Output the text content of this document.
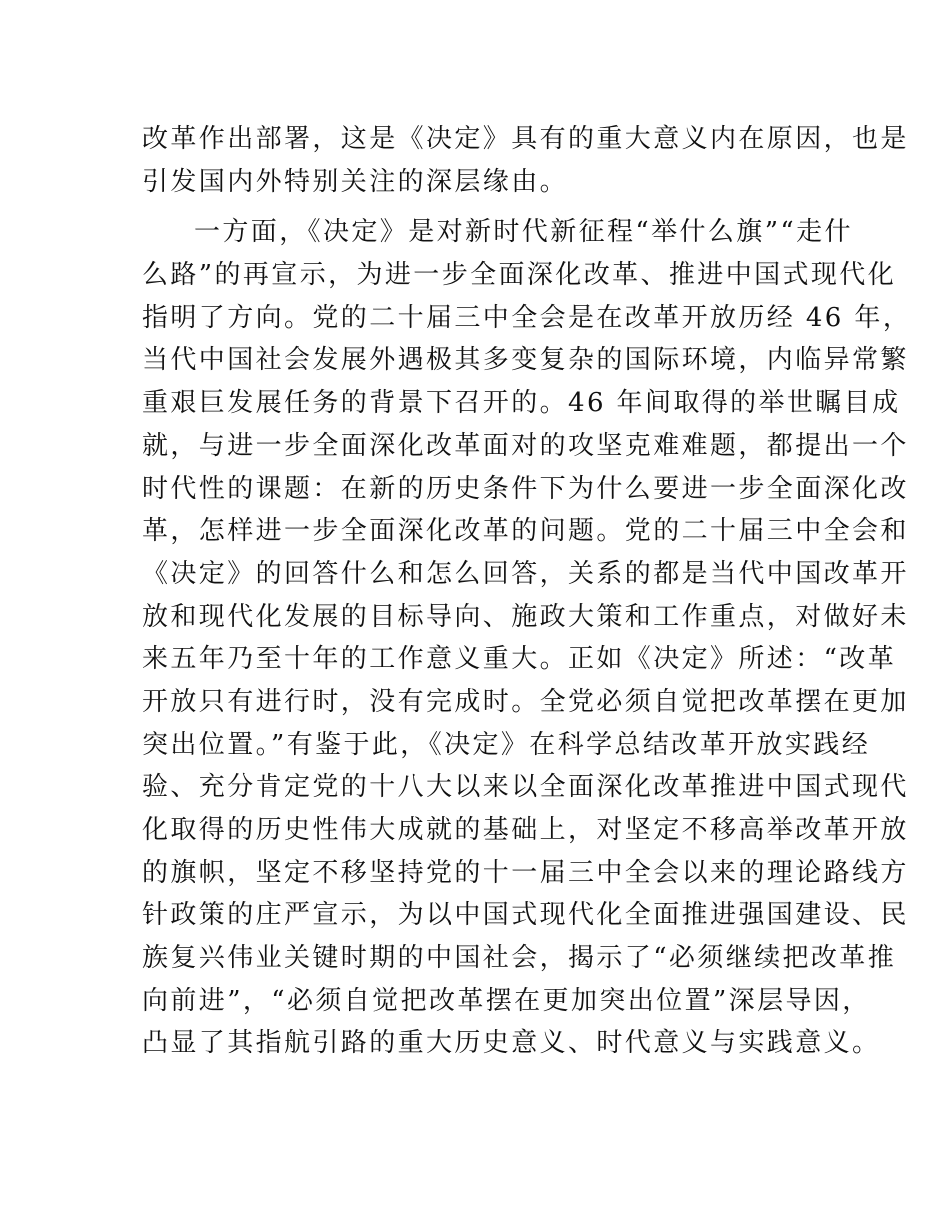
改革作出部署，这是《决定》具有的重大意义内在原因，也是
引发国内外特别关注的深层缘由。
一方面，《决定》是对新时代新征程“举什么旗”“走什
么路”的再宣示，为进一步全面深化改革、推进中国式现代化
指明了方向。党的二十届三中全会是在改革开放历经 46 年，
当代中国社会发展外遇极其多变复杂的国际环境，内临异常繁
重艰巨发展任务的背景下召开的。46 年间取得的举世瞩目成
就，与进一步全面深化改革面对的攻坚克难难题，都提出一个
时代性的课题：在新的历史条件下为什么要进一步全面深化改
革，怎样进一步全面深化改革的问题。党的二十届三中全会和
《决定》的回答什么和怎么回答，关系的都是当代中国改革开
放和现代化发展的目标导向、施政大策和工作重点，对做好未
来五年乃至十年的工作意义重大。正如《决定》所述：“改革
开放只有进行时，没有完成时。全党必须自觉把改革摆在更加
突出位置。”有鉴于此，《决定》在科学总结改革开放实践经
验、充分肯定党的十八大以来以全面深化改革推进中国式现代
化取得的历史性伟大成就的基础上，对坚定不移高举改革开放
的旗帜，坚定不移坚持党的十一届三中全会以来的理论路线方
针政策的庄严宣示，为以中国式现代化全面推进强国建设、民
族复兴伟业关键时期的中国社会，揭示了“必须继续把改革推
向前进”，“必须自觉把改革摆在更加突出位置”深层导因，
凸显了其指航引路的重大历史意义、时代意义与实践意义。
